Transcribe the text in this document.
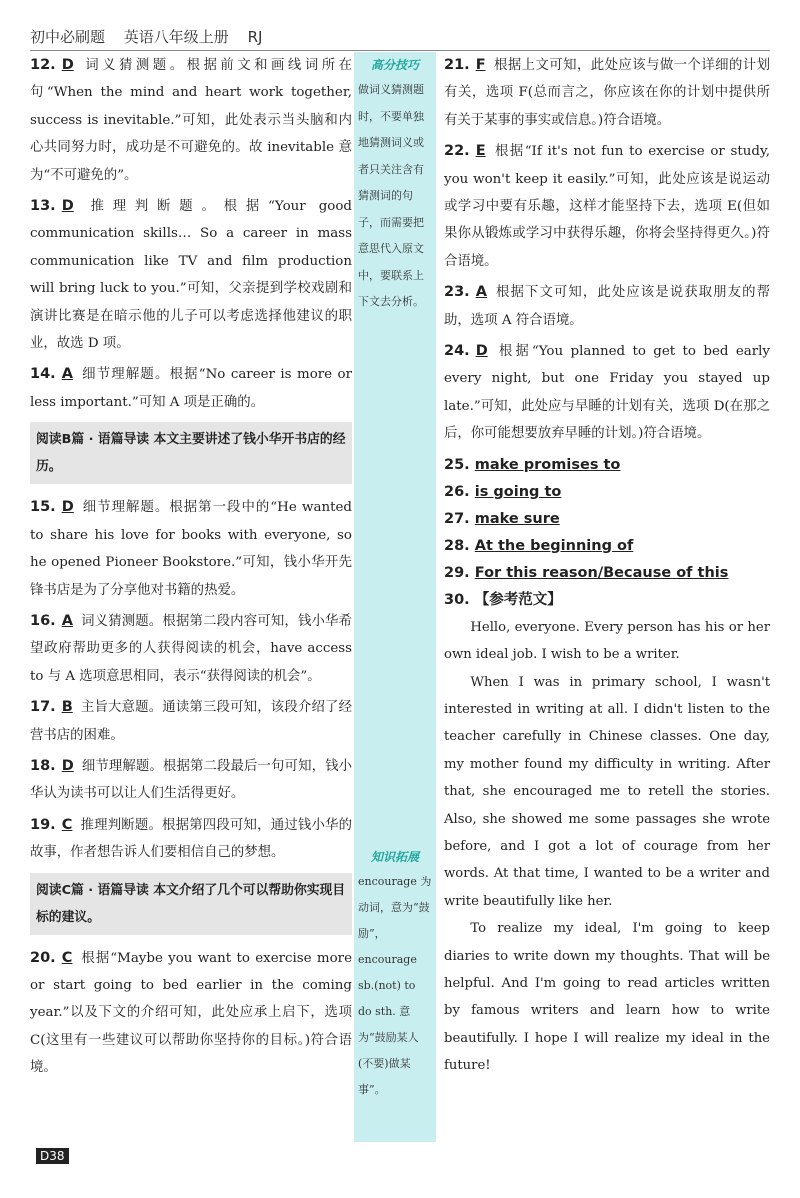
初中必刷题 英语八年级上册 RJ
12. D 词义猜测题。根据前文和画线词所在句“When the mind and heart work together, success is inevitable.”可知，此处表示当头脑和内心共同努力时，成功是不可避免的。故 inevitable 意为“不可避免的”。
13. D 推理判断题。根据“Your good communication skills… So a career in mass communication like TV and film production will bring luck to you.”可知，父亲提到学校戏剧和演讲比赛是在暗示他的儿子可以考虑选择他建议的职业，故选 D 项。
14. A 细节理解题。根据“No career is more or less important.”可知 A 项是正确的。
阅读B篇 · 语篇导读 本文主要讲述了钱小华开书店的经历。
15. D 细节理解题。根据第一段中的“He wanted to share his love for books with everyone, so he opened Pioneer Bookstore.”可知，钱小华开先锋书店是为了分享他对书籍的热爱。
16. A 词义猜测题。根据第二段内容可知，钱小华希望政府帮助更多的人获得阅读的机会，have access to 与 A 选项意思相同，表示“获得阅读的机会”。
17. B 主旨大意题。通读第三段可知，该段介绍了经营书店的困难。
18. D 细节理解题。根据第二段最后一句可知，钱小华认为读书可以让人们生活得更好。
19. C 推理判断题。根据第四段可知，通过钱小华的故事，作者想告诉人们要相信自己的梦想。
阅读C篇 · 语篇导读 本文介绍了几个可以帮助你实现目标的建议。
20. C 根据“Maybe you want to exercise more or start going to bed earlier in the coming year.”以及下文的介绍可知，此处应承上启下，选项 C(这里有一些建议可以帮助你坚持你的目标。)符合语境。
高分技巧
做词义猜测题时，不要单独地猜测词义或者只关注含有猜测词的句子，而需要把意思代入原文中，要联系上下文去分析。
知识拓展
encourage 为动词，意为“鼓励”，encourage sb.(not) to do sth. 意为“鼓励某人(不要)做某事”。
21. F 根据上文可知，此处应该与做一个详细的计划有关，选项 F(总而言之，你应该在你的计划中提供所有关于某事的事实或信息。)符合语境。
22. E 根据“If it's not fun to exercise or study, you won't keep it easily.”可知，此处应该是说运动或学习中要有乐趣，这样才能坚持下去，选项 E(但如果你从锻炼或学习中获得乐趣，你将会坚持得更久。)符合语境。
23. A 根据下文可知，此处应该是说获取朋友的帮助，选项 A 符合语境。
24. D 根据“You planned to get to bed early every night, but one Friday you stayed up late.”可知，此处应与早睡的计划有关，选项 D(在那之后，你可能想要放弃早睡的计划。)符合语境。
25. make promises to
26. is going to
27. make sure
28. At the beginning of
29. For this reason/Because of this
30. 【参考范文】

Hello, everyone. Every person has his or her own ideal job. I wish to be a writer.

When I was in primary school, I wasn't interested in writing at all. I didn't listen to the teacher carefully in Chinese classes. One day, my mother found my difficulty in writing. After that, she encouraged me to retell the stories. Also, she showed me some passages she wrote before, and I got a lot of courage from her words. At that time, I wanted to be a writer and write beautifully like her.

To realize my ideal, I'm going to keep diaries to write down my thoughts. That will be helpful. And I'm going to read articles written by famous writers and learn how to write beautifully. I hope I will realize my ideal in the future!

D38
